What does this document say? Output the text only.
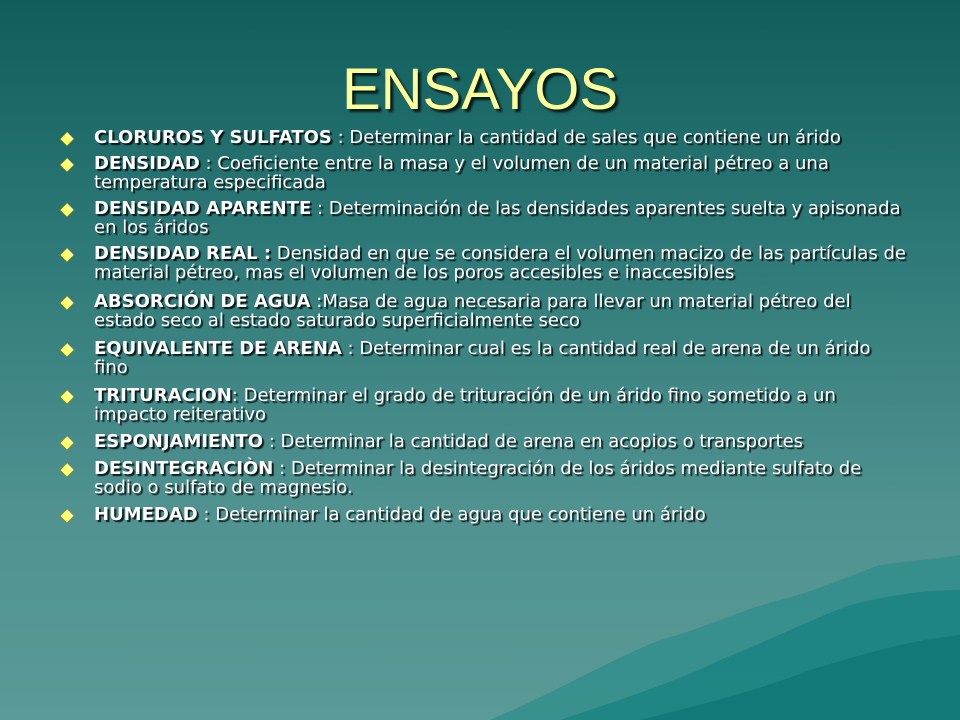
ENSAYOS
CLORUROS Y SULFATOS : Determinar la cantidad de sales que contiene un árido
DENSIDAD : Coeficiente entre la masa y el volumen de un material pétreo a una temperatura especificada
DENSIDAD APARENTE : Determinación de las densidades aparentes suelta y apisonada en los áridos
DENSIDAD REAL : Densidad en que se considera el volumen macizo de las partículas de material pétreo, mas el volumen de los poros accesibles e inaccesibles
ABSORCIÓN DE AGUA :Masa de agua necesaria para llevar un material pétreo del estado seco al estado saturado superficialmente seco
EQUIVALENTE DE ARENA : Determinar cual es la cantidad real de arena de un árido fino
TRITURACION: Determinar el grado de trituración de un árido fino sometido a un impacto reiterativo
ESPONJAMIENTO : Determinar la cantidad de arena en acopios o transportes
DESINTEGRACIÒN : Determinar la desintegración de los áridos mediante sulfato de sodio o sulfato de magnesio.
HUMEDAD : Determinar la cantidad de agua que contiene un árido
